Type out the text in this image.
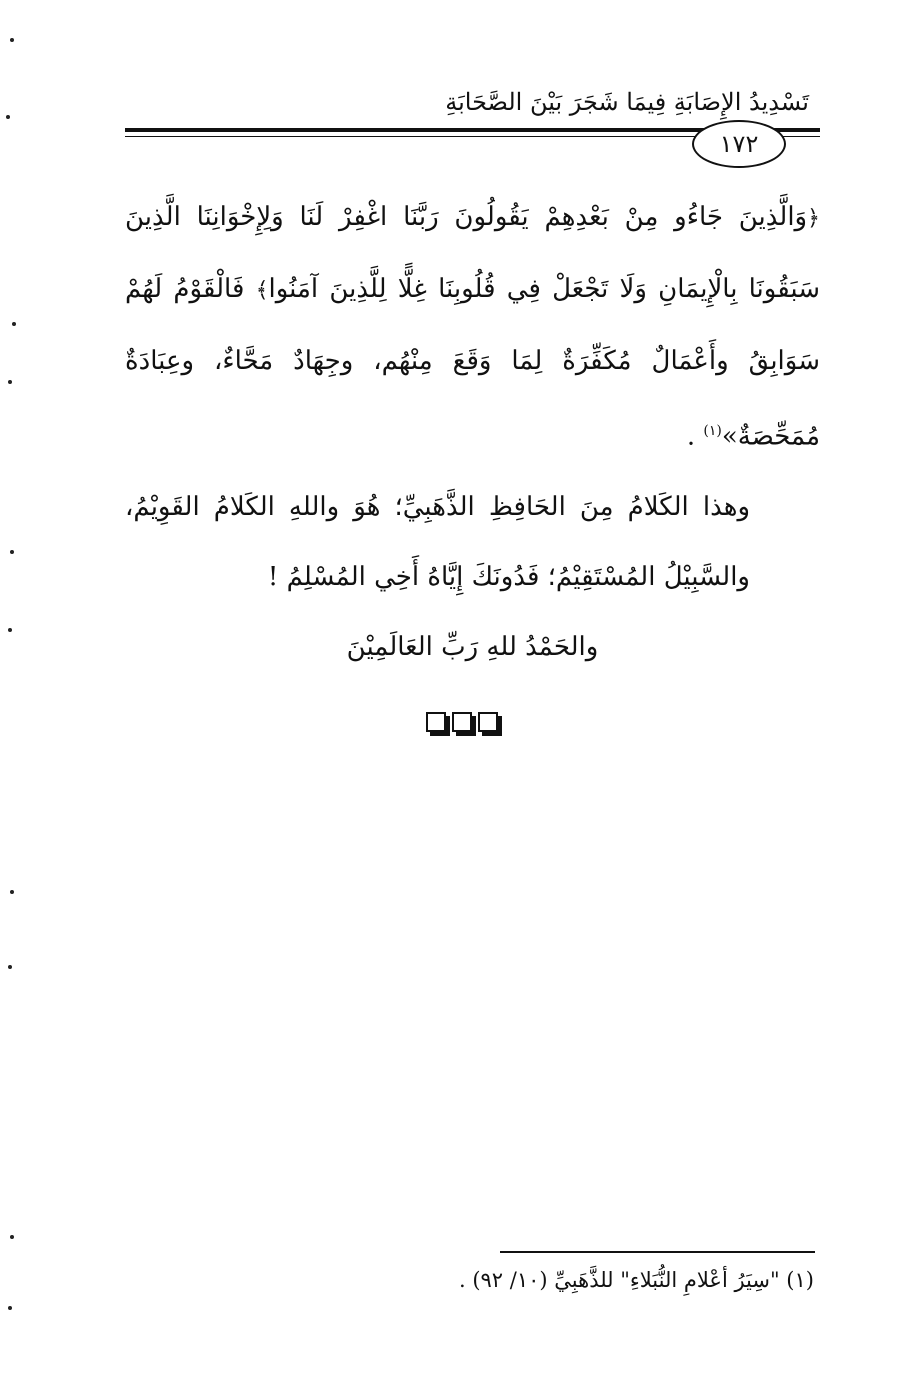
تَسْدِيدُ الإِصَابَةِ فِيمَا شَجَرَ بَيْنَ الصَّحَابَةِ
١٧٢

﴿وَالَّذِينَ جَاءُو مِنْ بَعْدِهِمْ يَقُولُونَ رَبَّنَا اغْفِرْ لَنَا وَلِإِخْوَانِنَا الَّذِينَ سَبَقُونَا بِالْإِيمَانِ وَلَا تَجْعَلْ فِي قُلُوبِنَا غِلًّا لِلَّذِينَ آمَنُوا﴾ فَالْقَوْمُ لَهُمْ سَوَابِقُ وأَعْمَالٌ مُكَفِّرَةٌ لِمَا وَقَعَ مِنْهُم، وجِهَادٌ مَحَّاءٌ، وعِبَادَةٌ مُمَحِّصَةٌ»$^{(١)}$ .

وهذا الكَلامُ مِنَ الحَافِظِ الذَّهَبِيِّ؛ هُوَ واللهِ الكَلامُ القَوِيْمُ، والسَّبِيْلُ المُسْتَقِيْمُ؛ فَدُونَكَ إِيَّاهُ أَخِي المُسْلِمُ !

والحَمْدُ للهِ رَبِّ العَالَمِيْنَ

(١) "سِيَرُ أعْلامِ النُّبَلاءِ" للذَّهَبِيِّ (١٠/ ٩٢) .
